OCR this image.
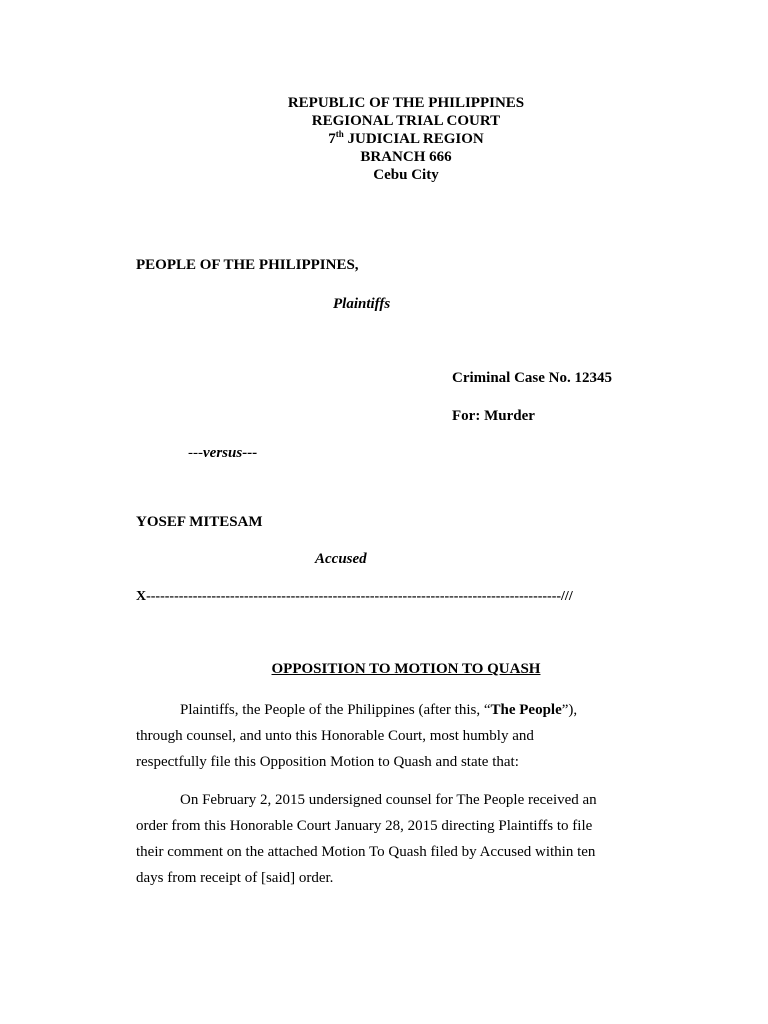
REPUBLIC OF THE PHILIPPINES
REGIONAL TRIAL COURT
7th JUDICIAL REGION
BRANCH 666
Cebu City
PEOPLE OF THE PHILIPPINES,
Plaintiffs
Criminal Case No. 12345
For: Murder
---versus---
YOSEF MITESAM
Accused
X-----------------------------------------------------------------------------------------///
OPPOSITION TO MOTION TO QUASH
Plaintiffs, the People of the Philippines (after this, “The People”),
through counsel, and unto this Honorable Court, most humbly and
respectfully file this Opposition Motion to Quash and state that:
On February 2, 2015 undersigned counsel for The People received an
order from this Honorable Court January 28, 2015 directing Plaintiffs to file
their comment on the attached Motion To Quash filed by Accused within ten
days from receipt of [said] order.
